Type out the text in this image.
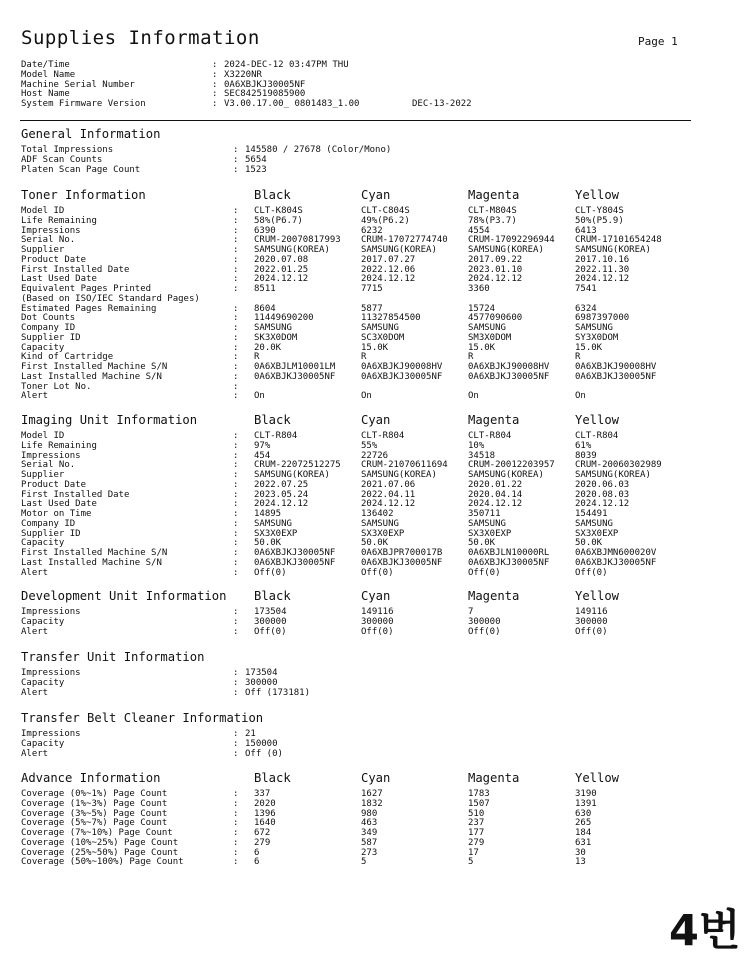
Supplies Information	Page 1
Date/Time	: 2024-DEC-12 03:47PM THU
Model Name	: X3220NR
Machine Serial Number	: 0A6XBJKJ30005NF
Host Name	: SEC842519085900
System Firmware Version	: V3.00.17.00_ 0801483_1.00	DEC-13-2022
General Information
Total Impressions	: 145580 / 27678 (Color/Mono)
ADF Scan Counts	: 5654
Platen Scan Page Count	: 1523
Toner Information	Black	Cyan	Magenta	Yellow
Model ID	: CLT-K804S	CLT-C804S	CLT-M804S	CLT-Y804S
Life Remaining	: 58%(P6.7)	49%(P6.2)	78%(P3.7)	50%(P5.9)
Impressions	: 6390	6232	4554	6413
Serial No.	: CRUM-20070817993 CRUM-17072774740 CRUM-17092296944 CRUM-17101654248
Supplier	: SAMSUNG(KOREA)	SAMSUNG(KOREA)	SAMSUNG(KOREA)	SAMSUNG(KOREA)
Product Date	: 2020.07.08	2017.07.27	2017.09.22	2017.10.16
First Installed Date	: 2022.01.25	2022.12.06	2023.01.10	2022.11.30
Last Used Date	: 2024.12.12	2024.12.12	2024.12.12	2024.12.12
Equivalent Pages Printed	: 8511	7715	3360	7541
(Based on ISO/IEC Standard Pages)
Estimated Pages Remaining	: 8604	5877	15724	6324
Dot Counts	: 11449690200	11327854500	4577090600	6987397000
Company ID	: SAMSUNG	SAMSUNG	SAMSUNG	SAMSUNG
Supplier ID	: SK3X0DOM	SC3X0DOM	SM3X0DOM	SY3X0DOM
Capacity	: 20.0K	15.0K	15.0K	15.0K
Kind of Cartridge	: R	R	R	R
First Installed Machine S/N	: 0A6XBJLM10001LM	0A6XBJKJ90008HV	0A6XBJKJ90008HV	0A6XBJKJ90008HV
Last Installed Machine S/N	: 0A6XBJKJ30005NF	0A6XBJKJ30005NF	0A6XBJKJ30005NF	0A6XBJKJ30005NF
Toner Lot No.	:
Alert	: On	On	On	On
Imaging Unit Information	Black	Cyan	Magenta	Yellow
Model ID	: CLT-R804	CLT-R804	CLT-R804	CLT-R804
Life Remaining	: 97%	55%	10%	61%
Impressions	: 454	22726	34518	8039
Serial No.	: CRUM-22072512275 CRUM-21070611694 CRUM-20012203957 CRUM-20060302989
Supplier	: SAMSUNG(KOREA)	SAMSUNG(KOREA)	SAMSUNG(KOREA)	SAMSUNG(KOREA)
Product Date	: 2022.07.25	2021.07.06	2020.01.22	2020.06.03
First Installed Date	: 2023.05.24	2022.04.11	2020.04.14	2020.08.03
Last Used Date	: 2024.12.12	2024.12.12	2024.12.12	2024.12.12
Motor on Time	: 14895	136402	350711	154491
Company ID	: SAMSUNG	SAMSUNG	SAMSUNG	SAMSUNG
Supplier ID	: SX3X0EXP	SX3X0EXP	SX3X0EXP	SX3X0EXP
Capacity	: 50.0K	50.0K	50.0K	50.0K
First Installed Machine S/N	: 0A6XBJKJ30005NF	0A6XBJPR700017B	0A6XBJLN10000RL	0A6XBJMN600020V
Last Installed Machine S/N	: 0A6XBJKJ30005NF	0A6XBJKJ30005NF	0A6XBJKJ30005NF	0A6XBJKJ30005NF
Alert	: Off(0)	Off(0)	Off(0)	Off(0)
Development Unit Information Black	Cyan	Magenta	Yellow
Impressions	: 173504	149116	7	149116
Capacity	: 300000	300000	300000	300000
Alert	: Off(0)	Off(0)	Off(0)	Off(0)
Transfer Unit Information
Impressions	: 173504
Capacity	: 300000
Alert	: Off (173181)
Transfer Belt Cleaner Information
Impressions	: 21
Capacity	: 150000
Alert	: Off (0)
Advance Information	Black	Cyan	Magenta	Yellow
Coverage (0%~1%) Page Count	: 337	1627	1783	3190
Coverage (1%~3%) Page Count	: 2020	1832	1507	1391
Coverage (3%~5%) Page Count	: 1396	980	510	630
Coverage (5%~7%) Page Count	: 1640	463	237	265
Coverage (7%~10%) Page Count	: 672	349	177	184
Coverage (10%~25%) Page Count	: 279	587	279	631
Coverage (25%~50%) Page Count	: 6	273	17	30
Coverage (50%~100%) Page Count	: 6	5	5	13
4번
